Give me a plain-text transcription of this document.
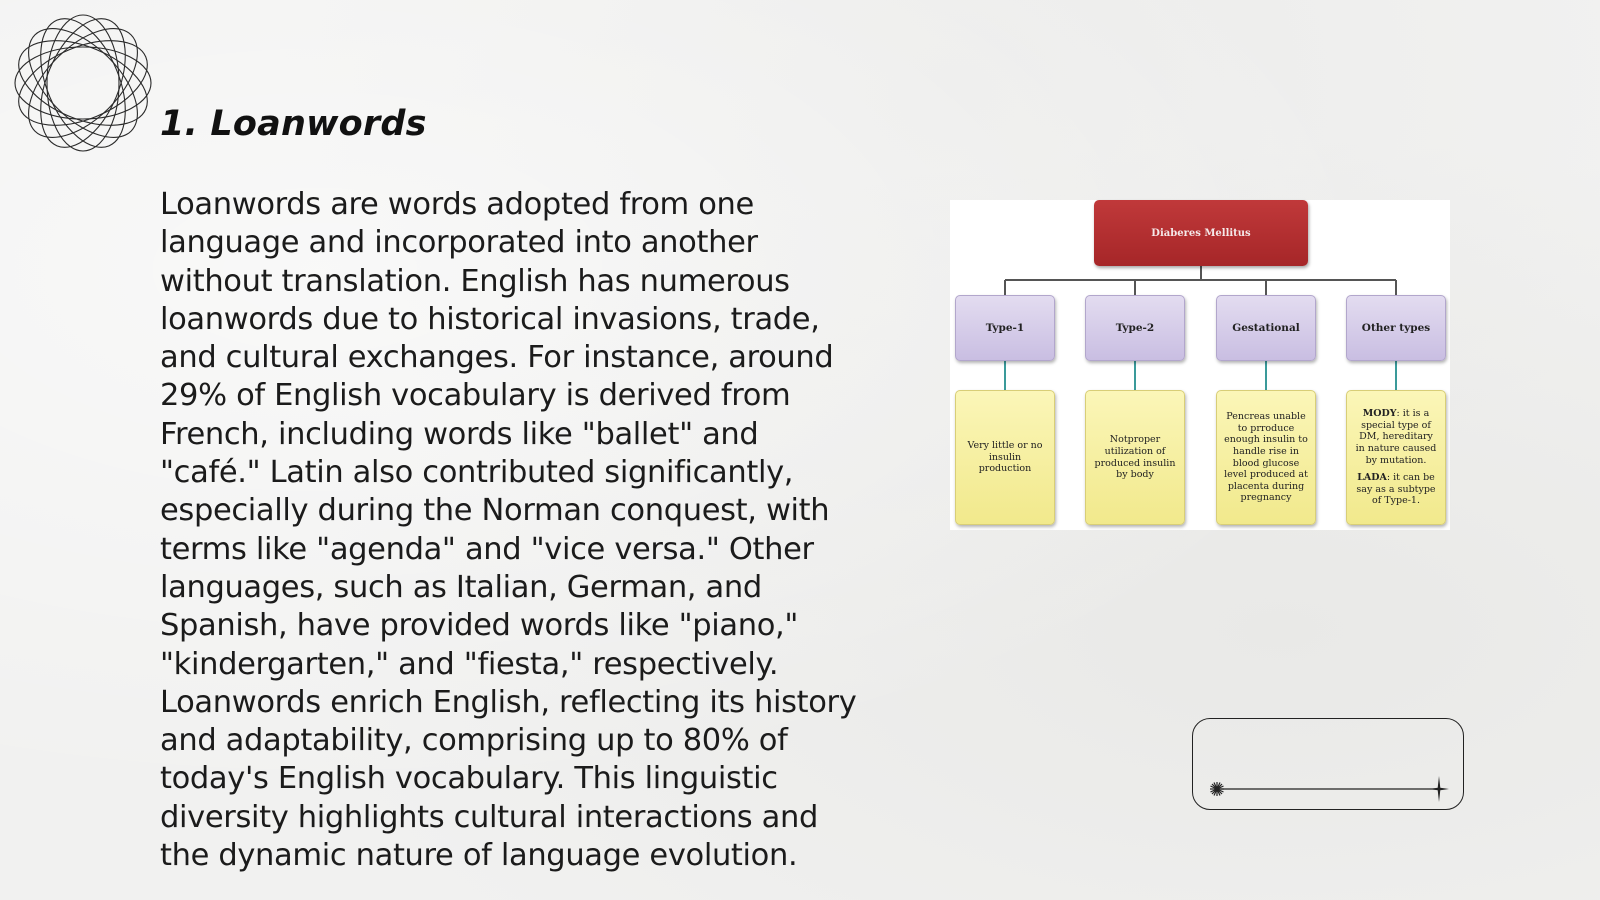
1. Loanwords

Loanwords are words adopted from one language and incorporated into another without translation. English has numerous loanwords due to historical invasions, trade, and cultural exchanges. For instance, around 29% of English vocabulary is derived from French, including words like "ballet" and "café." Latin also contributed significantly, especially during the Norman conquest, with terms like "agenda" and "vice versa." Other languages, such as Italian, German, and Spanish, have provided words like "piano," "kindergarten," and "fiesta," respectively. Loanwords enrich English, reflecting its history and adaptability, comprising up to 80% of today's English vocabulary. This linguistic diversity highlights cultural interactions and the dynamic nature of language evolution.

Diaberes Mellitus
Type-1	Type-2	Gestational	Other types
Very little or no insulin production
Notproper utilization of produced insulin by body
Pencreas unable to prroduce enough insulin to handle rise in blood glucose level produced at placenta during pregnancy
MODY: it is a special type of DM, hereditary in nature caused by mutation.
LADA: it can be say as a subtype of Type-1.
